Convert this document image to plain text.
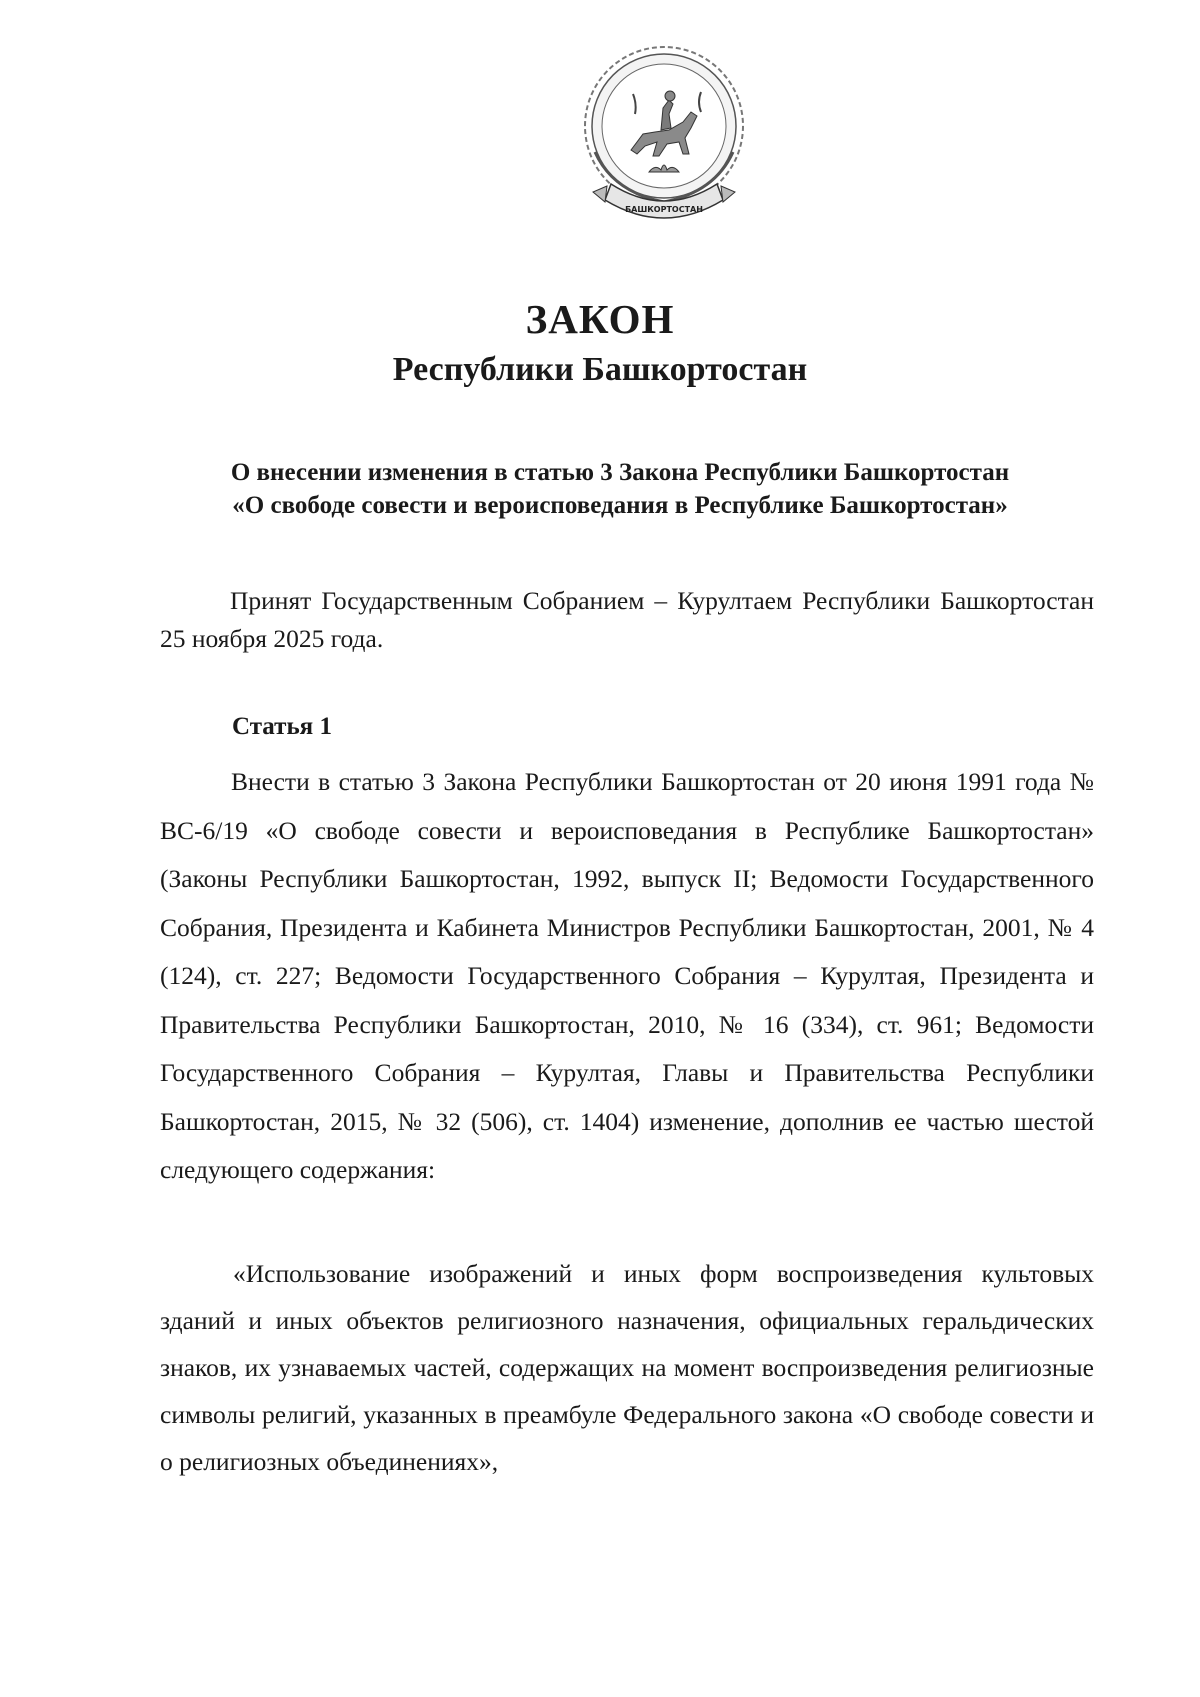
БАШКОРТОСТАН
ЗАКОН
Республики Башкортостан
О внесении изменения в статью 3 Закона Республики Башкортостан
«О свободе совести и вероисповедания в Республике Башкортостан»
Принят Государственным Собранием – Курултаем Республики Башкортостан 25 ноября 2025 года.
Статья 1
Внести в статью 3 Закона Республики Башкортостан от 20 июня 1991 года № ВС-6/19 «О свободе совести и вероисповедания в Республике Башкортостан» (Законы Республики Башкортостан, 1992, выпуск II; Ведомости Государственного Собрания, Президента и Кабинета Министров Республики Башкортостан, 2001, № 4 (124), ст. 227; Ведомости Государственного Собрания – Курултая, Президента и Правительства Республики Башкортостан, 2010, № 16 (334), ст. 961; Ведомости Государственного Собрания – Курултая, Главы и Правительства Республики Башкортостан, 2015, № 32 (506), ст. 1404) изменение, дополнив ее частью шестой следующего содержания:
«Использование изображений и иных форм воспроизведения культовых зданий и иных объектов религиозного назначения, официальных геральдических знаков, их узнаваемых частей, содержащих на момент воспроизведения религиозные символы религий, указанных в преамбуле Федерального закона «О свободе совести и о религиозных объединениях»,
